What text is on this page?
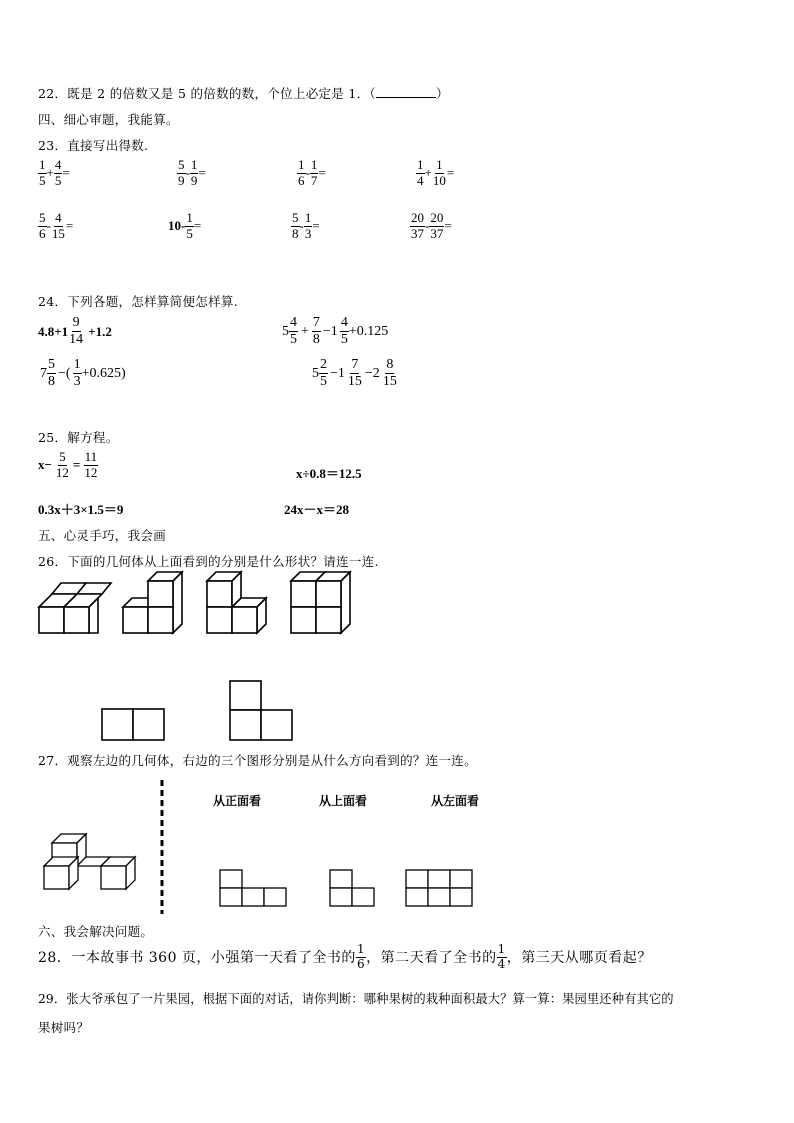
22．既是 2 的倍数又是 5 的倍数的数，个位上必定是 1．（	）
四、细心审题，我能算。
23．直接写出得数.
$\frac{1}{5} + \frac{4}{5}$ =	$\frac{5}{9} - \frac{1}{9}$ =	$\frac{1}{6} - \frac{1}{7}$ =	$\frac{1}{4} + \frac{1}{10}$ =
$\frac{5}{6} - \frac{4}{15}$ =	$10- \frac{1}{5}$ =	$\frac{5}{8} - \frac{1}{3}$ =	$\frac{20}{37} - \frac{20}{37}$ =
24．下列各题，怎样算简便怎样算.
$4.8+1 \frac{9}{14} +1.2$	$5 \frac{4}{5} + \frac{7}{8} -1 \frac{4}{5} +0.125$
$7 \frac{5}{8}$ −( $\frac{1}{3} +0.625$)	$5 \frac{2}{5} -1 \frac{7}{15} -2 \frac{8}{15}$
25．解方程。
$x- \frac{5}{12} = \frac{11}{12}$	x÷0.8＝12.5
0.3x＋3×1.5＝9	24x－x＝28
五、心灵手巧，我会画
26．下面的几何体从上面看到的分别是什么形状？请连一连.
27．观察左边的几何体，右边的三个图形分别是从什么方向看到的？连一连。
从正面看	从上面看	从左面看
六、我会解决问题。
28．一本故事书 360 页，小强第一天看了全书的 $\frac{1}{6}$ ，第二天看了全书的 $\frac{1}{4}$ ，第三天从哪页看起？
29．张大爷承包了一片果园，根据下面的对话，请你判断：哪种果树的栽种面积最大？算一算：果园里还种有其它的
果树吗？
